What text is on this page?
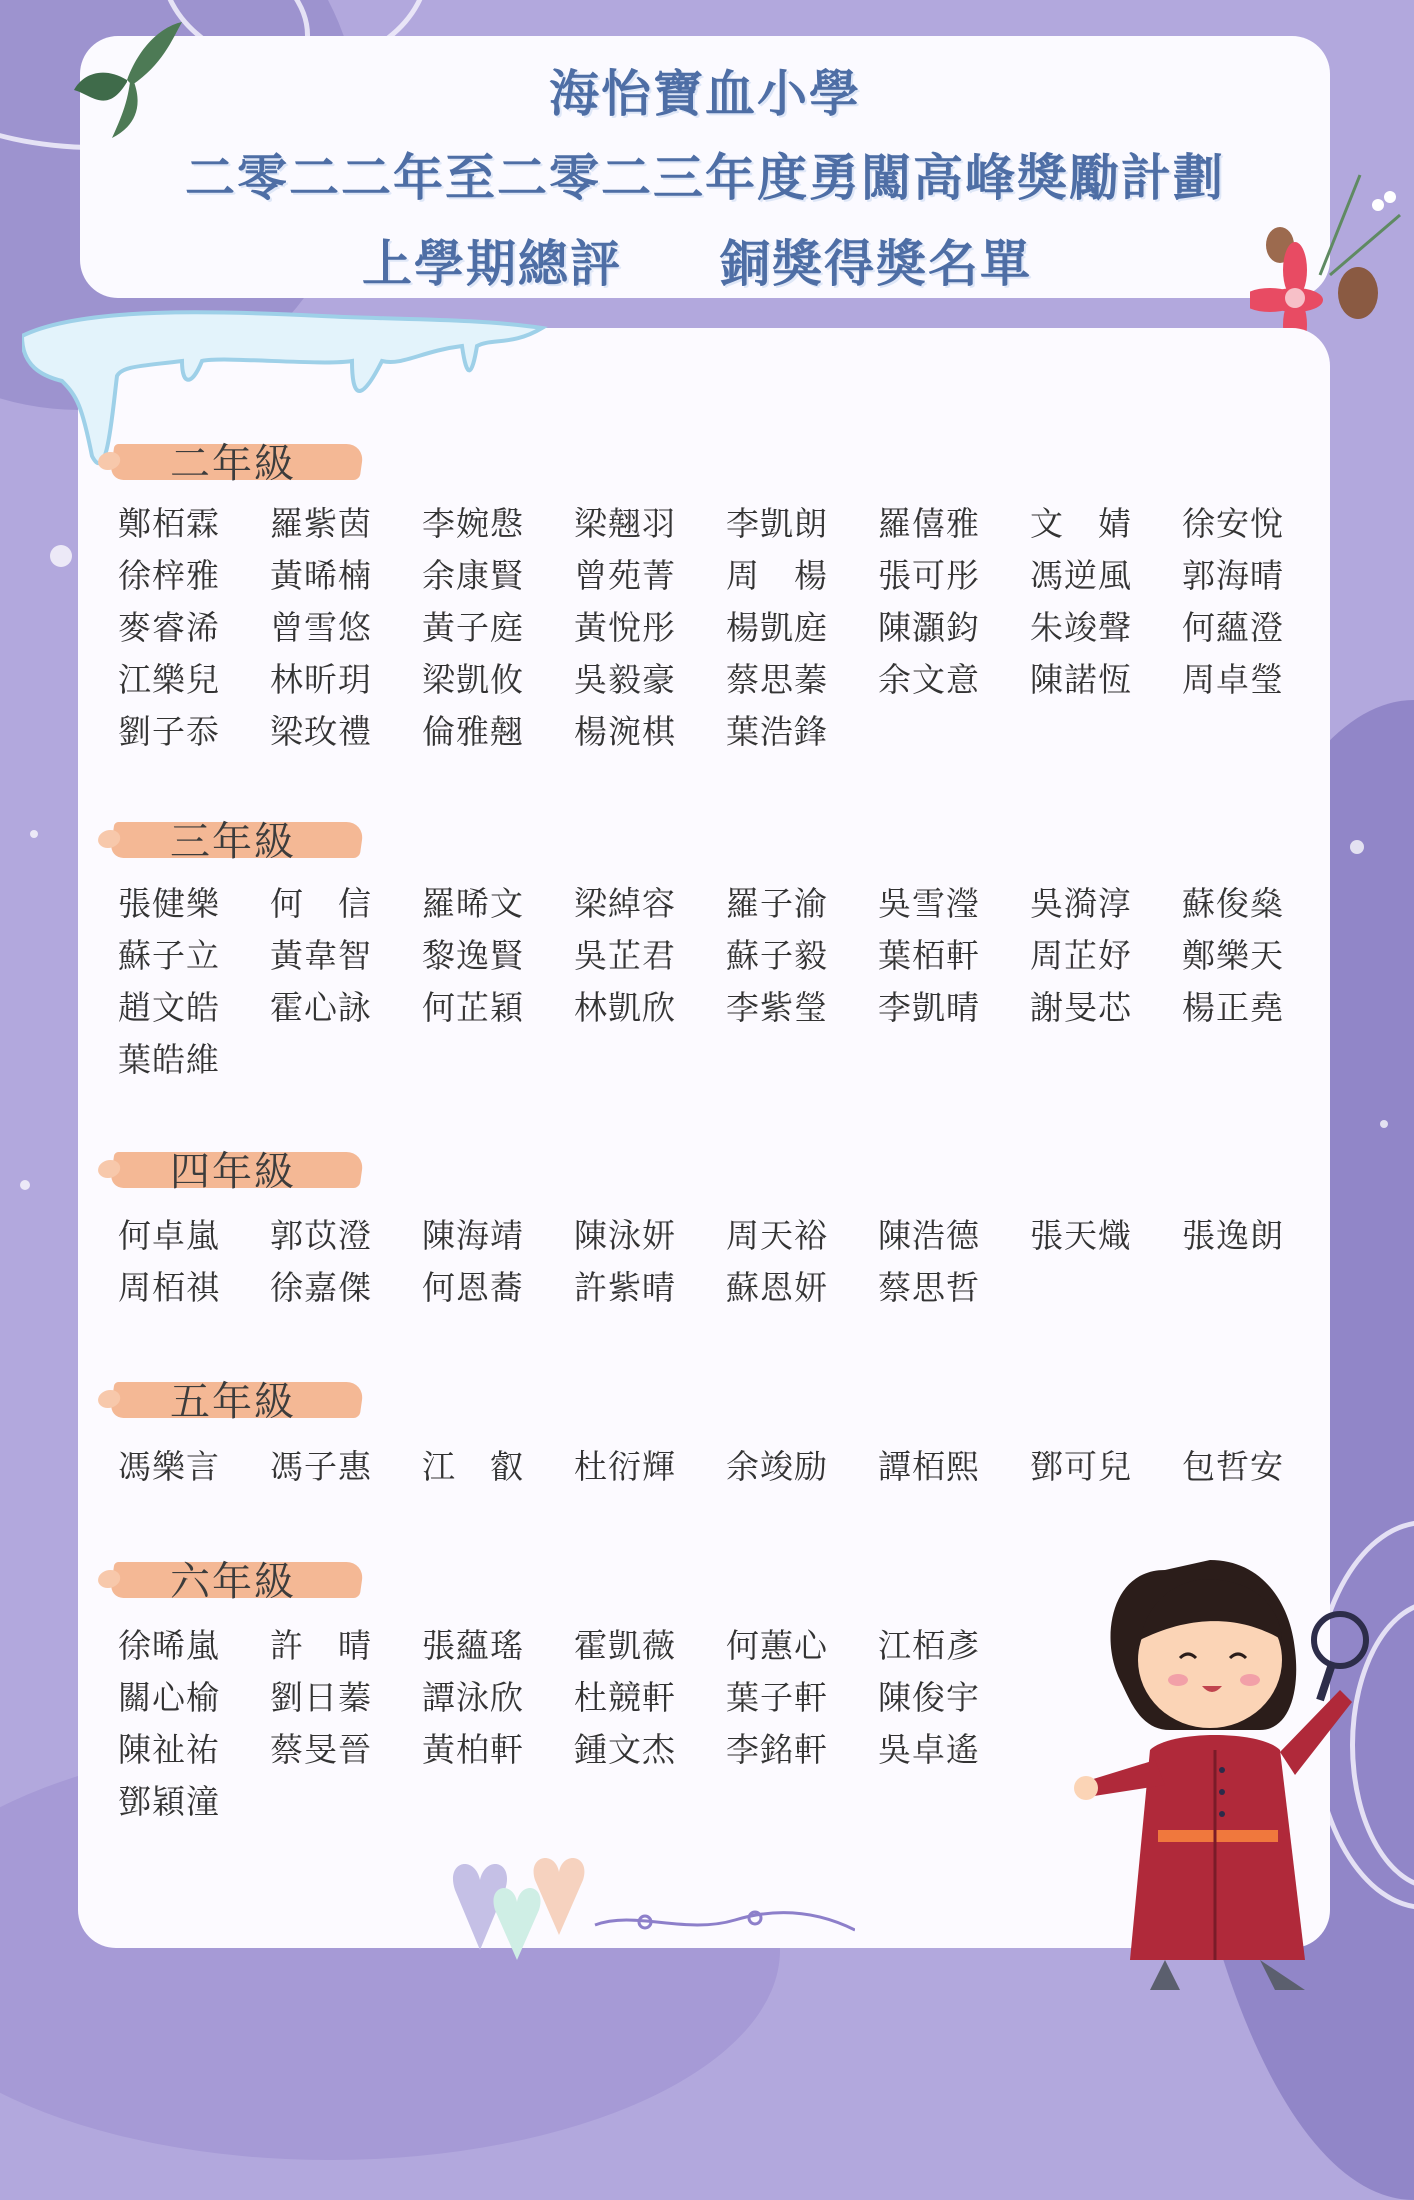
海怡寶血小學
二零二二年至二零二三年度勇闖高峰獎勵計劃
上學期總評 銅獎得獎名單
二年級
鄭栢霖	羅紫茵	李婉慇	梁翹羽	李凱朗	羅僖雅	文　婧	徐安悅
徐梓雅	黃晞楠	余康賢	曾苑菁	周　楊	張可彤	馮逆風	郭海晴
麥睿浠	曾雪悠	黃子庭	黃悅彤	楊凱庭	陳灝鈞	朱竣聲	何蘊澄
江樂兒	林昕玥	梁凱攸	吳毅豪	蔡思蓁	余文意	陳諾恆	周卓瑩
劉子忝	梁玫禮	倫雅翹	楊涴棋	葉浩鋒
三年級
張健樂	何　信	羅晞文	梁綽容	羅子渝	吳雪瀅	吳漪淳	蘇俊燊
蘇子立	黃韋智	黎逸賢	吳芷君	蘇子毅	葉栢軒	周芷妤	鄭樂天
趙文皓	霍心詠	何芷穎	林凱欣	李紫瑩	李凱晴	謝旻芯	楊正堯
葉皓維
四年級
何卓嵐	郭苡澄	陳海靖	陳泳妍	周天裕	陳浩德	張天熾	張逸朗
周栢祺	徐嘉傑	何恩蕎	許紫晴	蘇恩妍	蔡思哲
五年級
馮樂言	馮子惠	江　叡	杜衍輝	余竣励	譚栢熙	鄧可兒	包哲安
六年級
徐晞嵐	許　晴	張蘊瑤	霍凱薇	何蕙心	江栢彥
關心榆	劉日蓁	譚泳欣	杜競軒	葉子軒	陳俊宇
陳祉祐	蔡旻晉	黃柏軒	鍾文杰	李銘軒	吳卓遙
鄧穎潼
